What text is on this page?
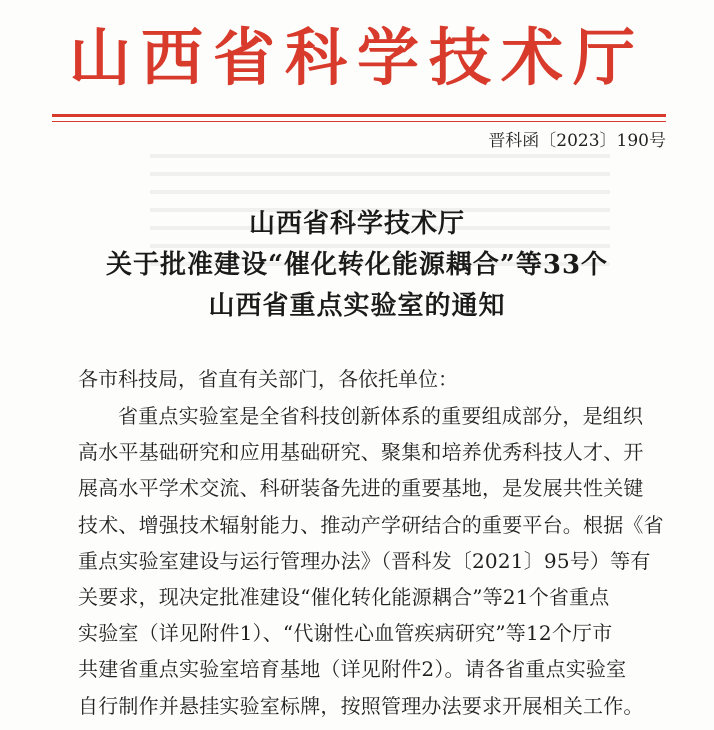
山西省科学技术厅
晋科函〔2023〕190号
山西省科学技术厅
关于批准建设“催化转化能源耦合”等33个
山西省重点实验室的通知
各市科技局，省直有关部门，各依托单位：
省重点实验室是全省科技创新体系的重要组成部分，是组织
高水平基础研究和应用基础研究、聚集和培养优秀科技人才、开
展高水平学术交流、科研装备先进的重要基地，是发展共性关键
技术、增强技术辐射能力、推动产学研结合的重要平台。根据《省
重点实验室建设与运行管理办法》（晋科发〔2021〕95号）等有
关要求，现决定批准建设“催化转化能源耦合”等21个省重点
实验室（详见附件1）、“代谢性心血管疾病研究”等12个厅市
共建省重点实验室培育基地（详见附件2）。请各省重点实验室
自行制作并悬挂实验室标牌，按照管理办法要求开展相关工作。
